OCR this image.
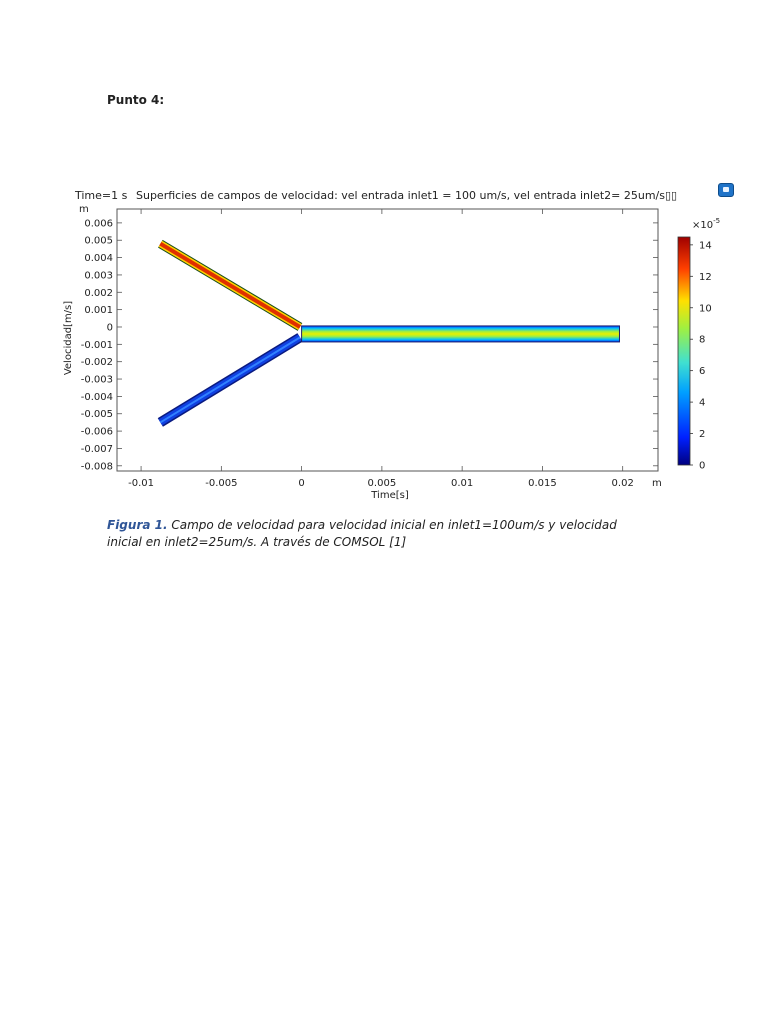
Punto 4:
Time=1 s Superficies de campos de velocidad: vel entrada inlet1 = 100 um/s, vel entrada inlet2= 25um/s▯▯
m
0.006
0.005
0.004
0.003
0.002
0.001
0
-0.001
-0.002
-0.003
-0.004
-0.005
-0.006
-0.007
-0.008
-0.01	-0.005	0	0.005	0.01	0.015	0.02
Velocidad[m/s]
Time[s]
m
$\times 10^{-5}$
14
12
10
8
6
4
2
0
Figura 1. Campo de velocidad para velocidad inicial en inlet1=100um/s y velocidad inicial en inlet2=25um/s. A través de COMSOL [1]
